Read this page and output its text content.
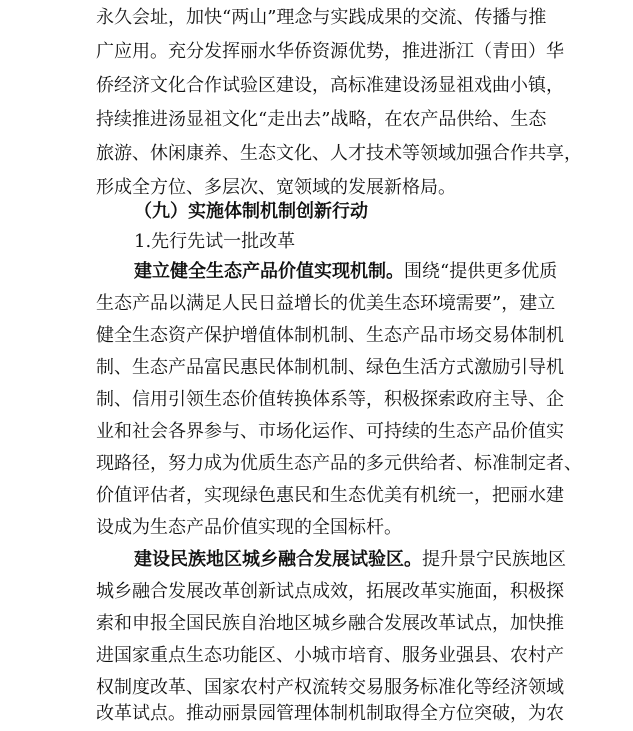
永久会址，加快“两山”理念与实践成果的交流、传播与推
广应用。充分发挥丽水华侨资源优势，推进浙江（青田）华
侨经济文化合作试验区建设，高标准建设汤显祖戏曲小镇，
持续推进汤显祖文化“走出去”战略，在农产品供给、生态
旅游、休闲康养、生态文化、人才技术等领域加强合作共享，
形成全方位、多层次、宽领域的发展新格局。
（九）实施体制机制创新行动
1.先行先试一批改革
建立健全生态产品价值实现机制。围绕“提供更多优质
生态产品以满足人民日益增长的优美生态环境需要”，建立
健全生态资产保护增值体制机制、生态产品市场交易体制机
制、生态产品富民惠民体制机制、绿色生活方式激励引导机
制、信用引领生态价值转换体系等，积极探索政府主导、企
业和社会各界参与、市场化运作、可持续的生态产品价值实
现路径，努力成为优质生态产品的多元供给者、标准制定者、
价值评估者，实现绿色惠民和生态优美有机统一，把丽水建
设成为生态产品价值实现的全国标杆。
建设民族地区城乡融合发展试验区。提升景宁民族地区
城乡融合发展改革创新试点成效，拓展改革实施面，积极探
索和申报全国民族自治地区城乡融合发展改革试点，加快推
进国家重点生态功能区、小城市培育、服务业强县、农村产
权制度改革、国家农村产权流转交易服务标准化等经济领域
改革试点。推动丽景园管理体制机制取得全方位突破，为农
